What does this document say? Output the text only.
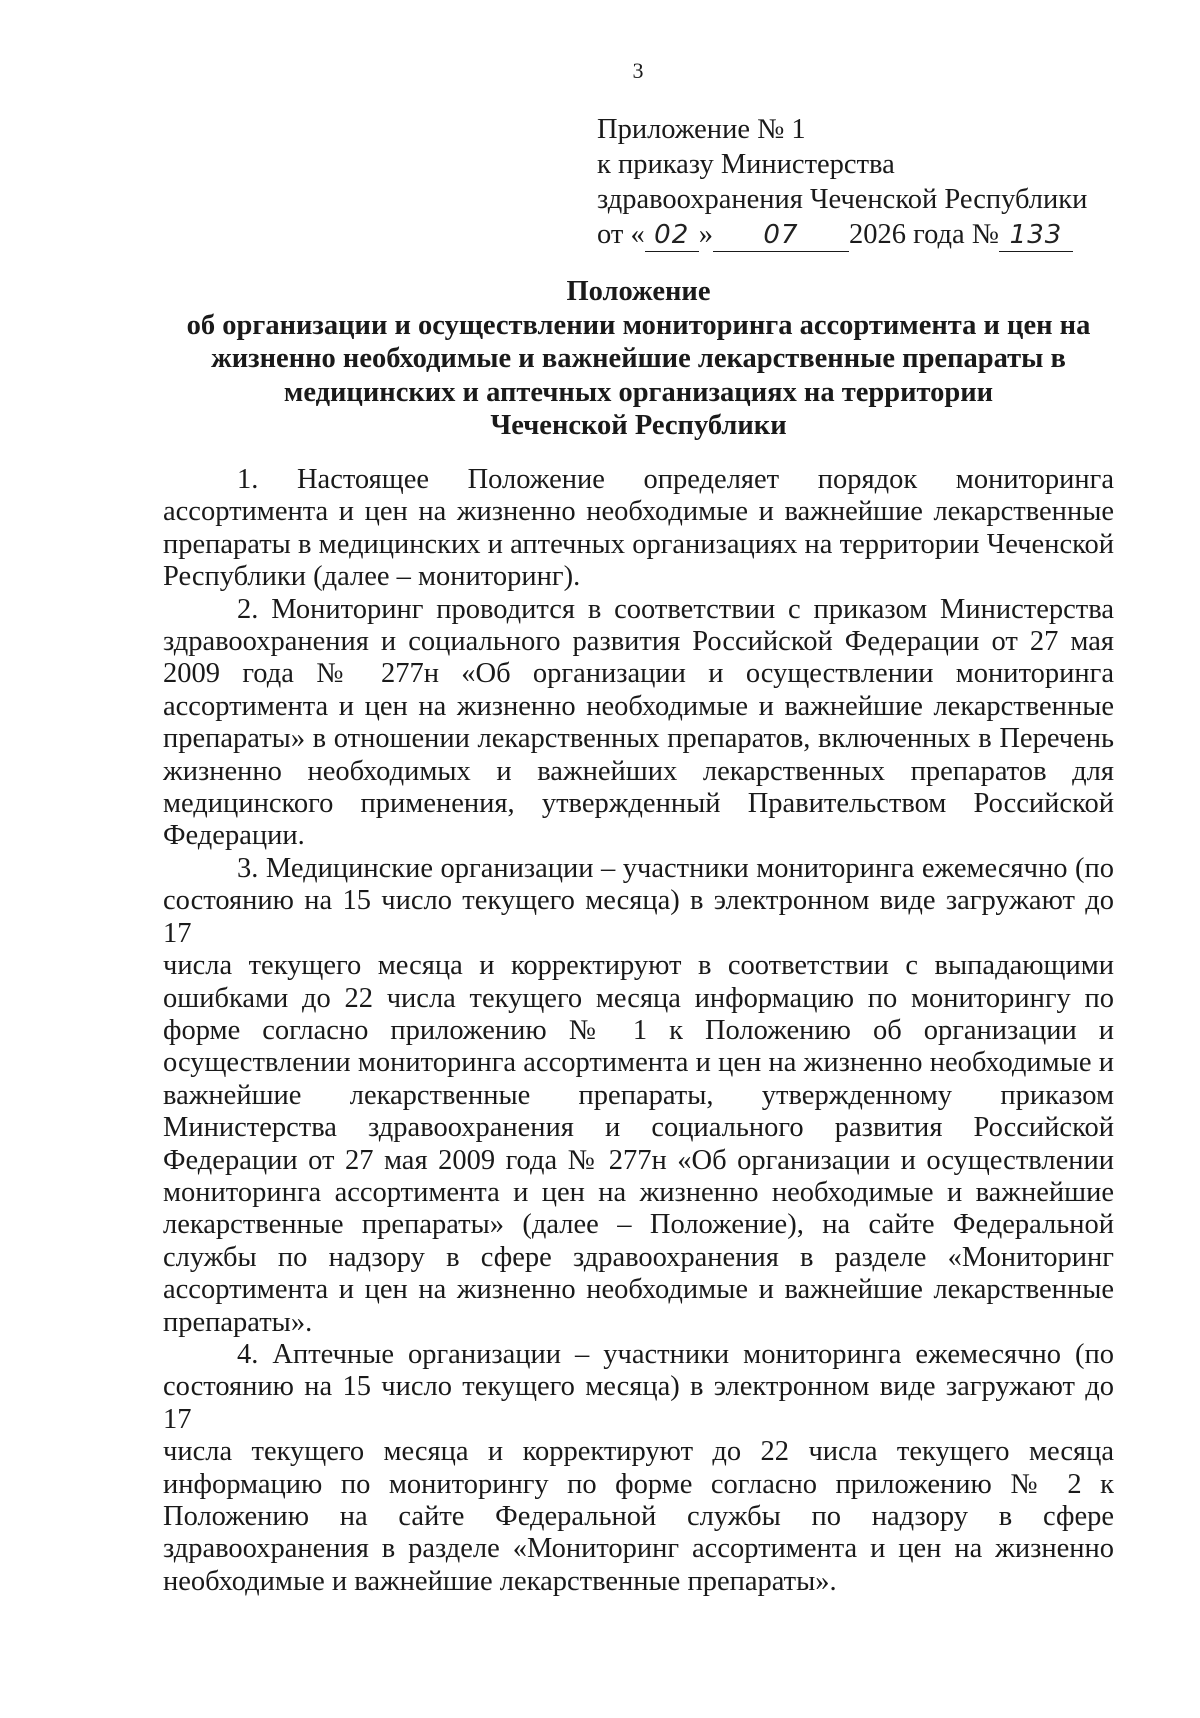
3
Приложение № 1
к приказу Министерства
здравоохранения Чеченской Республики
от « 02 » 07 2026 года № 133
Положение
об организации и осуществлении мониторинга ассортимента и цен на
жизненно необходимые и важнейшие лекарственные препараты в
медицинских и аптечных организациях на территории
Чеченской Республики

1. Настоящее Положение определяет порядок мониторинга
ассортимента и цен на жизненно необходимые и важнейшие лекарственные
препараты в медицинских и аптечных организациях на территории Чеченской
Республики (далее – мониторинг).

2. Мониторинг проводится в соответствии с приказом Министерства
здравоохранения и социального развития Российской Федерации от 27 мая
2009 года № 277н «Об организации и осуществлении мониторинга
ассортимента и цен на жизненно необходимые и важнейшие лекарственные
препараты» в отношении лекарственных препаратов, включенных в Перечень
жизненно необходимых и важнейших лекарственных препаратов для
медицинского применения, утвержденный Правительством Российской
Федерации.

3. Медицинские организации – участники мониторинга ежемесячно (по
состоянию на 15 число текущего месяца) в электронном виде загружают до 17
числа текущего месяца и корректируют в соответствии с выпадающими
ошибками до 22 числа текущего месяца информацию по мониторингу по
форме согласно приложению № 1 к Положению об организации и
осуществлении мониторинга ассортимента и цен на жизненно необходимые и
важнейшие лекарственные препараты, утвержденному приказом
Министерства здравоохранения и социального развития Российской
Федерации от 27 мая 2009 года № 277н «Об организации и осуществлении
мониторинга ассортимента и цен на жизненно необходимые и важнейшие
лекарственные препараты» (далее – Положение), на сайте Федеральной
службы по надзору в сфере здравоохранения в разделе «Мониторинг
ассортимента и цен на жизненно необходимые и важнейшие лекарственные
препараты».

4. Аптечные организации – участники мониторинга ежемесячно (по
состоянию на 15 число текущего месяца) в электронном виде загружают до 17
числа текущего месяца и корректируют до 22 числа текущего месяца
информацию по мониторингу по форме согласно приложению № 2 к
Положению на сайте Федеральной службы по надзору в сфере
здравоохранения в разделе «Мониторинг ассортимента и цен на жизненно
необходимые и важнейшие лекарственные препараты».
